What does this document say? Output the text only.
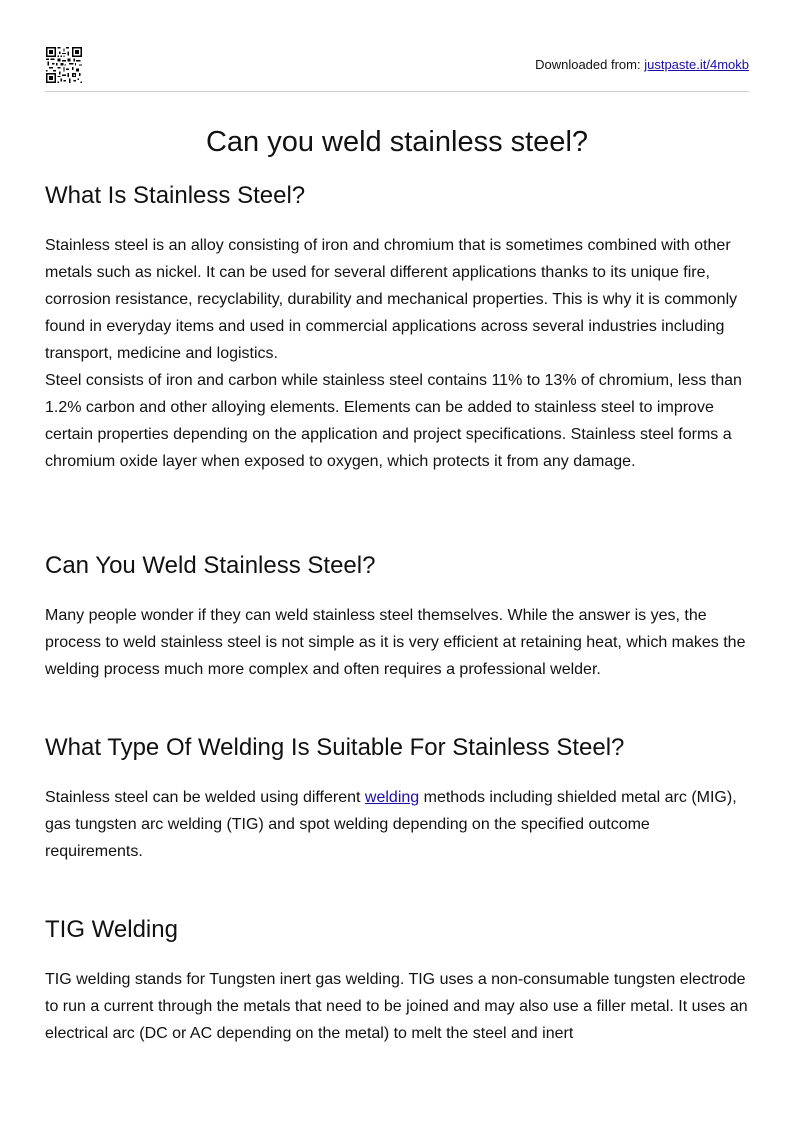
Downloaded from: justpaste.it/4mokb
Can you weld stainless steel?
What Is Stainless Steel?

Stainless steel is an alloy consisting of iron and chromium that is sometimes combined with other metals such as nickel. It can be used for several different applications thanks to its unique fire, corrosion resistance, recyclability, durability and mechanical properties. This is why it is commonly found in everyday items and used in commercial applications across several industries including transport, medicine and logistics.

Steel consists of iron and carbon while stainless steel contains 11% to 13% of chromium, less than 1.2% carbon and other alloying elements. Elements can be added to stainless steel to improve certain properties depending on the application and project specifications. Stainless steel forms a chromium oxide layer when exposed to oxygen, which protects it from any damage.

Can You Weld Stainless Steel?

Many people wonder if they can weld stainless steel themselves. While the answer is yes, the process to weld stainless steel is not simple as it is very efficient at retaining heat, which makes the welding process much more complex and often requires a professional welder.

What Type Of Welding Is Suitable For Stainless Steel?

Stainless steel can be welded using different welding methods including shielded metal arc (MIG), gas tungsten arc welding (TIG) and spot welding depending on the specified outcome requirements.

TIG Welding

TIG welding stands for Tungsten inert gas welding. TIG uses a non-consumable tungsten electrode to run a current through the metals that need to be joined and may also use a filler metal. It uses an electrical arc (DC or AC depending on the metal) to melt the steel and inert
